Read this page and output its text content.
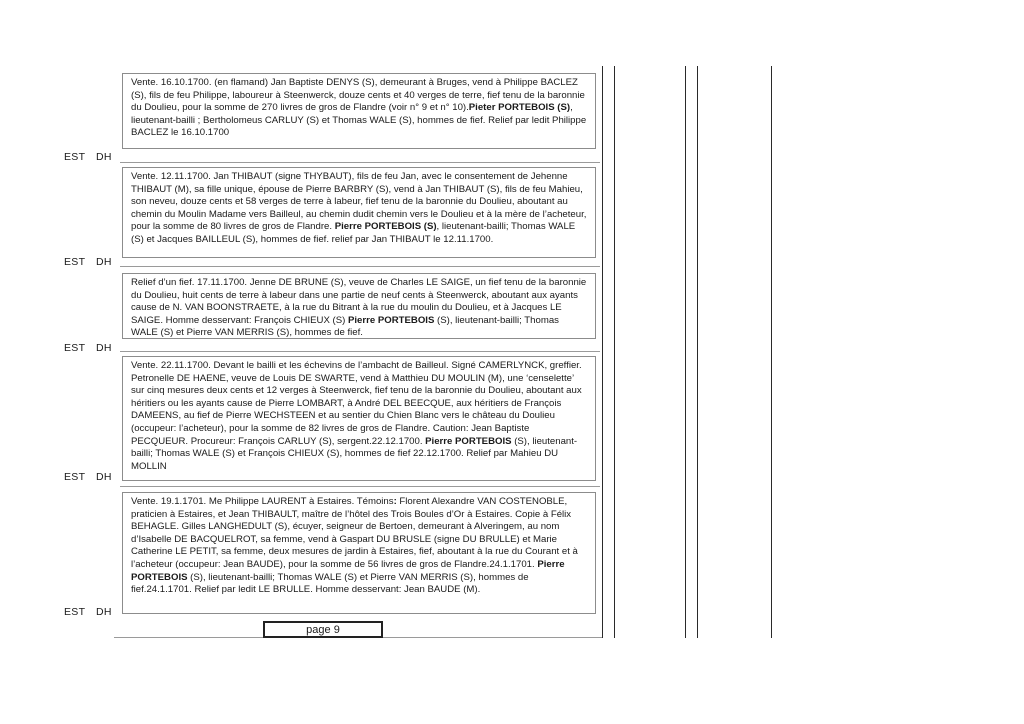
Vente. 16.10.1700. (en flamand) Jan Baptiste DENYS (S), demeurant à Bruges, vend à Philippe BACLEZ (S), fils de feu Philippe, laboureur à Steenwerck, douze cents et 40 verges de terre, fief tenu de la baronnie du Doulieu, pour la somme de 270 livres de gros de Flandre (voir n° 9 et n° 10).Pieter PORTEBOIS (S), lieutenant-bailli ; Bertholomeus CARLUY (S) et Thomas WALE (S), hommes de fief. Relief par ledit Philippe BACLEZ le 16.10.1700

Vente. 12.11.1700. Jan THIBAUT (signe THYBAUT), fils de feu Jan, avec le consentement de Jehenne THIBAUT (M), sa fille unique, épouse de Pierre BARBRY (S), vend à Jan THIBAUT (S), fils de feu Mahieu, son neveu, douze cents et 58 verges de terre à labeur, fief tenu de la baronnie du Doulieu, aboutant au chemin du Moulin Madame vers Bailleul, au chemin dudit chemin vers le Doulieu et à la mère de l’acheteur, pour la somme de 80 livres de gros de Flandre. Pierre PORTEBOIS (S), lieutenant-bailli; Thomas WALE (S) et Jacques BAILLEUL (S), hommes de fief. relief par Jan THIBAUT le 12.11.1700.

Relief d’un fief. 17.11.1700. Jenne DE BRUNE (S), veuve de Charles LE SAIGE, un fief tenu de la baronnie du Doulieu, huit cents de terre à labeur dans une partie de neuf cents à Steenwerck, aboutant aux ayants cause de N. VAN BOONSTRAETE, à la rue du Bitrant à la rue du moulin du Doulieu, et à Jacques LE SAIGE. Homme desservant: François CHIEUX (S) Pierre PORTEBOIS (S), lieutenant-bailli; Thomas WALE (S) et Pierre VAN MERRIS (S), hommes de fief.

Vente. 22.11.1700. Devant le bailli et les échevins de l’ambacht de Bailleul. Signé CAMERLYNCK, greffier. Petronelle DE HAENE, veuve de Louis DE SWARTE, vend à Matthieu DU MOULIN (M), une ‘censelette’ sur cinq mesures deux cents et 12 verges à Steenwerck, fief tenu de la baronnie du Doulieu, aboutant aux héritiers ou les ayants cause de Pierre LOMBART, à André DEL BEECQUE, aux héritiers de François DAMEENS, au fief de Pierre WECHSTEEN et au sentier du Chien Blanc vers le château du Doulieu (occupeur: l’acheteur), pour la somme de 82 livres de gros de Flandre. Caution: Jean Baptiste PECQUEUR. Procureur: François CARLUY (S), sergent.22.12.1700. Pierre PORTEBOIS (S), lieutenant-bailli; Thomas WALE (S) et François CHIEUX (S), hommes de fief 22.12.1700. Relief par Mahieu DU MOLLIN

Vente. 19.1.1701. Me Philippe LAURENT à Estaires. Témoins: Florent Alexandre VAN COSTENOBLE, praticien à Estaires, et Jean THIBAULT, maître de l’hôtel des Trois Boules d’Or à Estaires. Copie à Félix BEHAGLE. Gilles LANGHEDULT (S), écuyer, seigneur de Bertoen, demeurant à Alveringem, au nom d’Isabelle DE BACQUELROT, sa femme, vend à Gaspart DU BRUSLE (signe DU BRULLE) et Marie Catherine LE PETIT, sa femme, deux mesures de jardin à Estaires, fief, aboutant à la rue du Courant et à l’acheteur (occupeur: Jean BAUDE), pour la somme de 56 livres de gros de Flandre.24.1.1701. Pierre PORTEBOIS (S), lieutenant-bailli; Thomas WALE (S) et Pierre VAN MERRIS (S), hommes de fief.24.1.1701. Relief par ledit LE BRULLE. Homme desservant: Jean BAUDE (M).

EST DH
EST DH
EST DH
EST DH
EST DH
page 9
